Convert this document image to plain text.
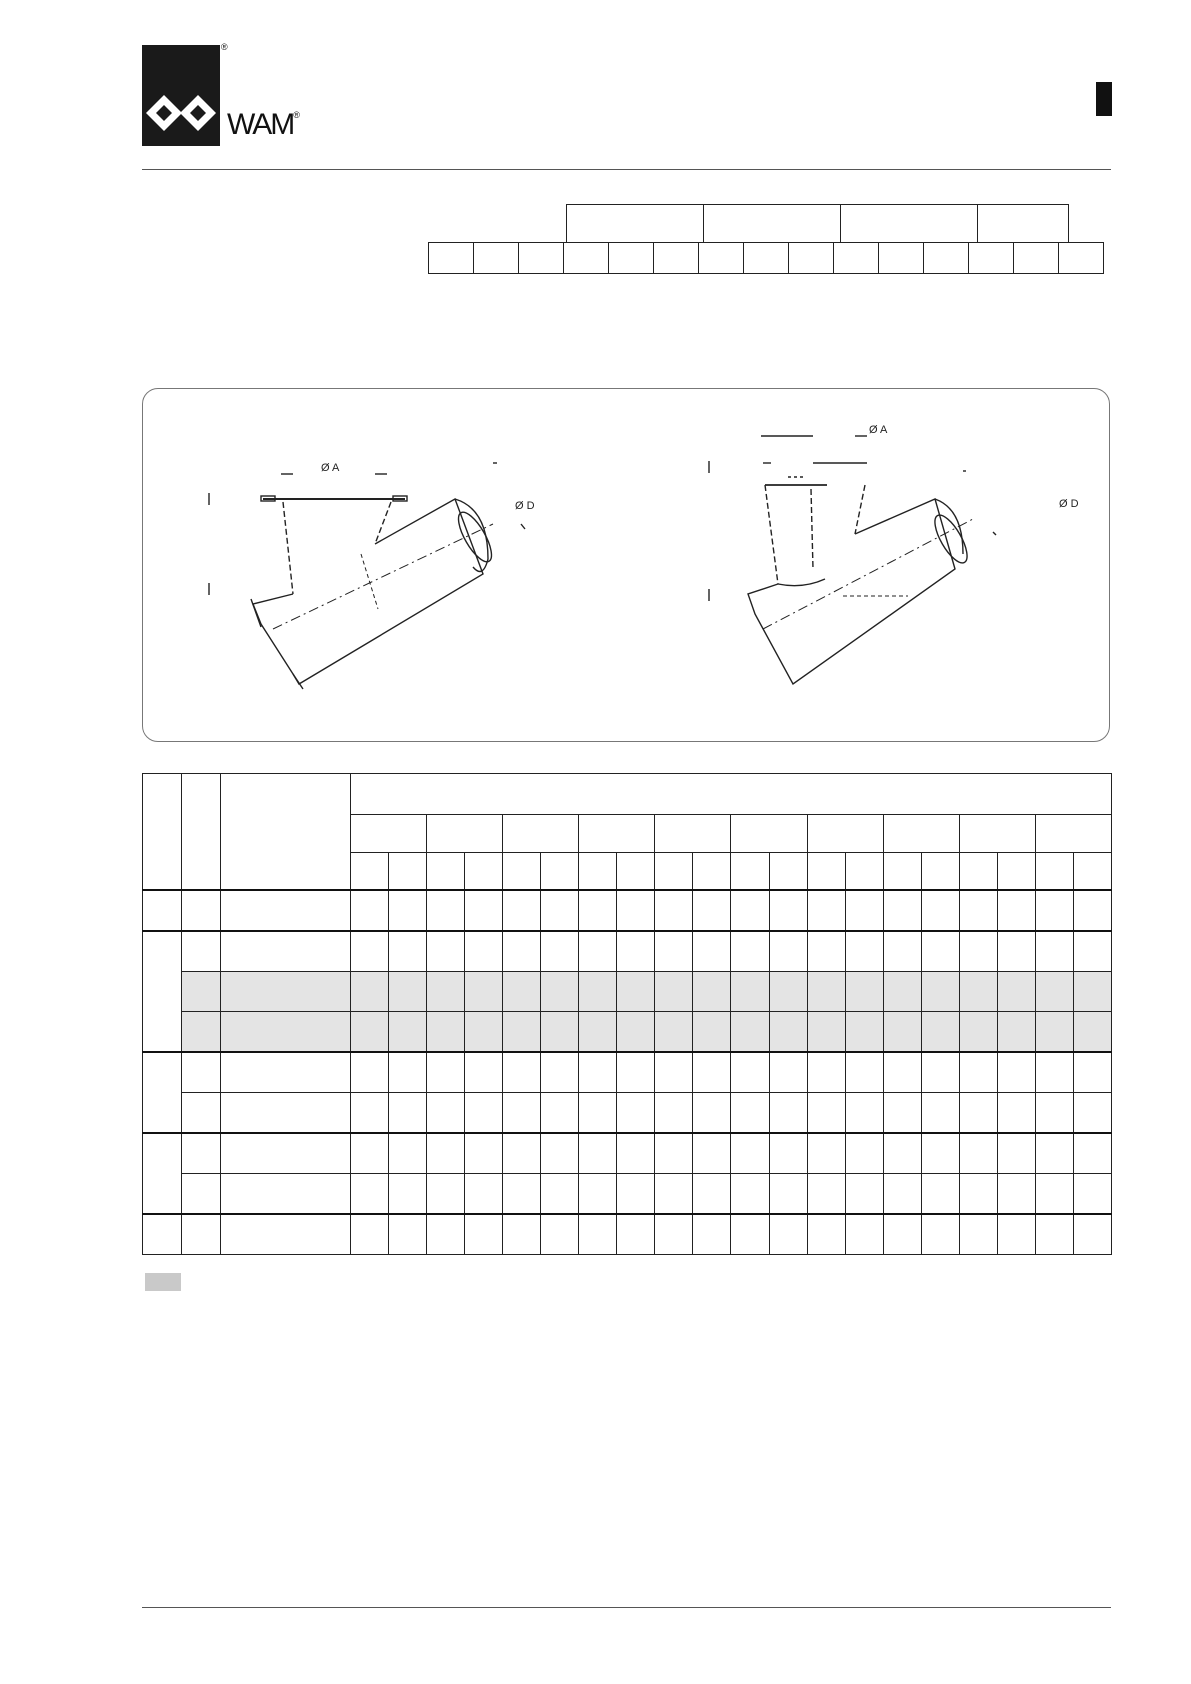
®
WAM®

Ø A
Ø D
Ø A
Ø D
